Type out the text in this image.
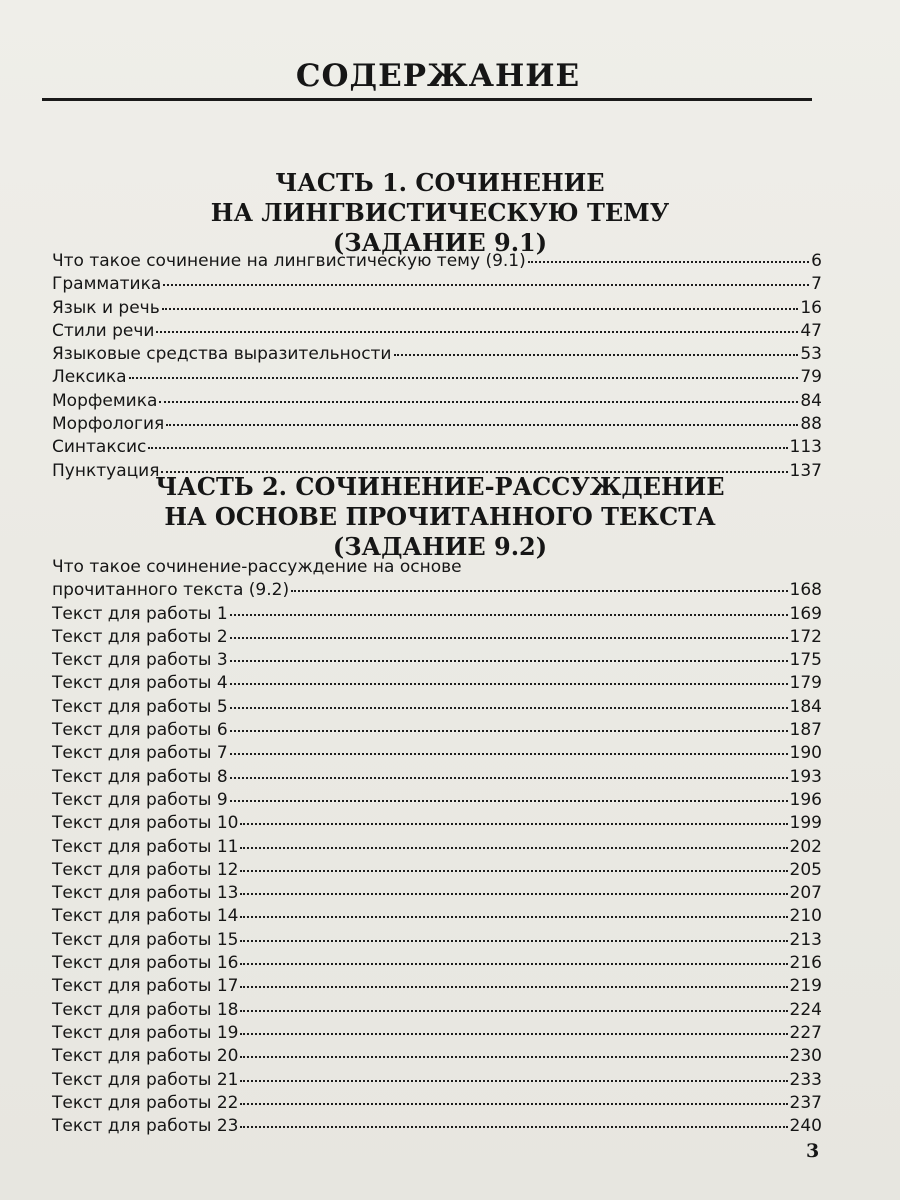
СОДЕРЖАНИЕ
ЧАСТЬ 1. СОЧИНЕНИЕ
НА ЛИНГВИСТИЧЕСКУЮ ТЕМУ
(ЗАДАНИЕ 9.1)
Что такое сочинение на лингвистическую тему (9.1)	6
Грамматика	7
Язык и речь	16
Стили речи	47
Языковые средства выразительности	53
Лексика	79
Морфемика	84
Морфология	88
Синтаксис	113
Пунктуация	137
ЧАСТЬ 2. СОЧИНЕНИЕ-РАССУЖДЕНИЕ
НА ОСНОВЕ ПРОЧИТАННОГО ТЕКСТА
(ЗАДАНИЕ 9.2)
Что такое сочинение-рассуждение на основе
прочитанного текста (9.2)	168
Текст для работы 1	169
Текст для работы 2	172
Текст для работы 3	175
Текст для работы 4	179
Текст для работы 5	184
Текст для работы 6	187
Текст для работы 7	190
Текст для работы 8	193
Текст для работы 9	196
Текст для работы 10	199
Текст для работы 11	202
Текст для работы 12	205
Текст для работы 13	207
Текст для работы 14	210
Текст для работы 15	213
Текст для работы 16	216
Текст для работы 17	219
Текст для работы 18	224
Текст для работы 19	227
Текст для работы 20	230
Текст для работы 21	233
Текст для работы 22	237
Текст для работы 23	240
3
